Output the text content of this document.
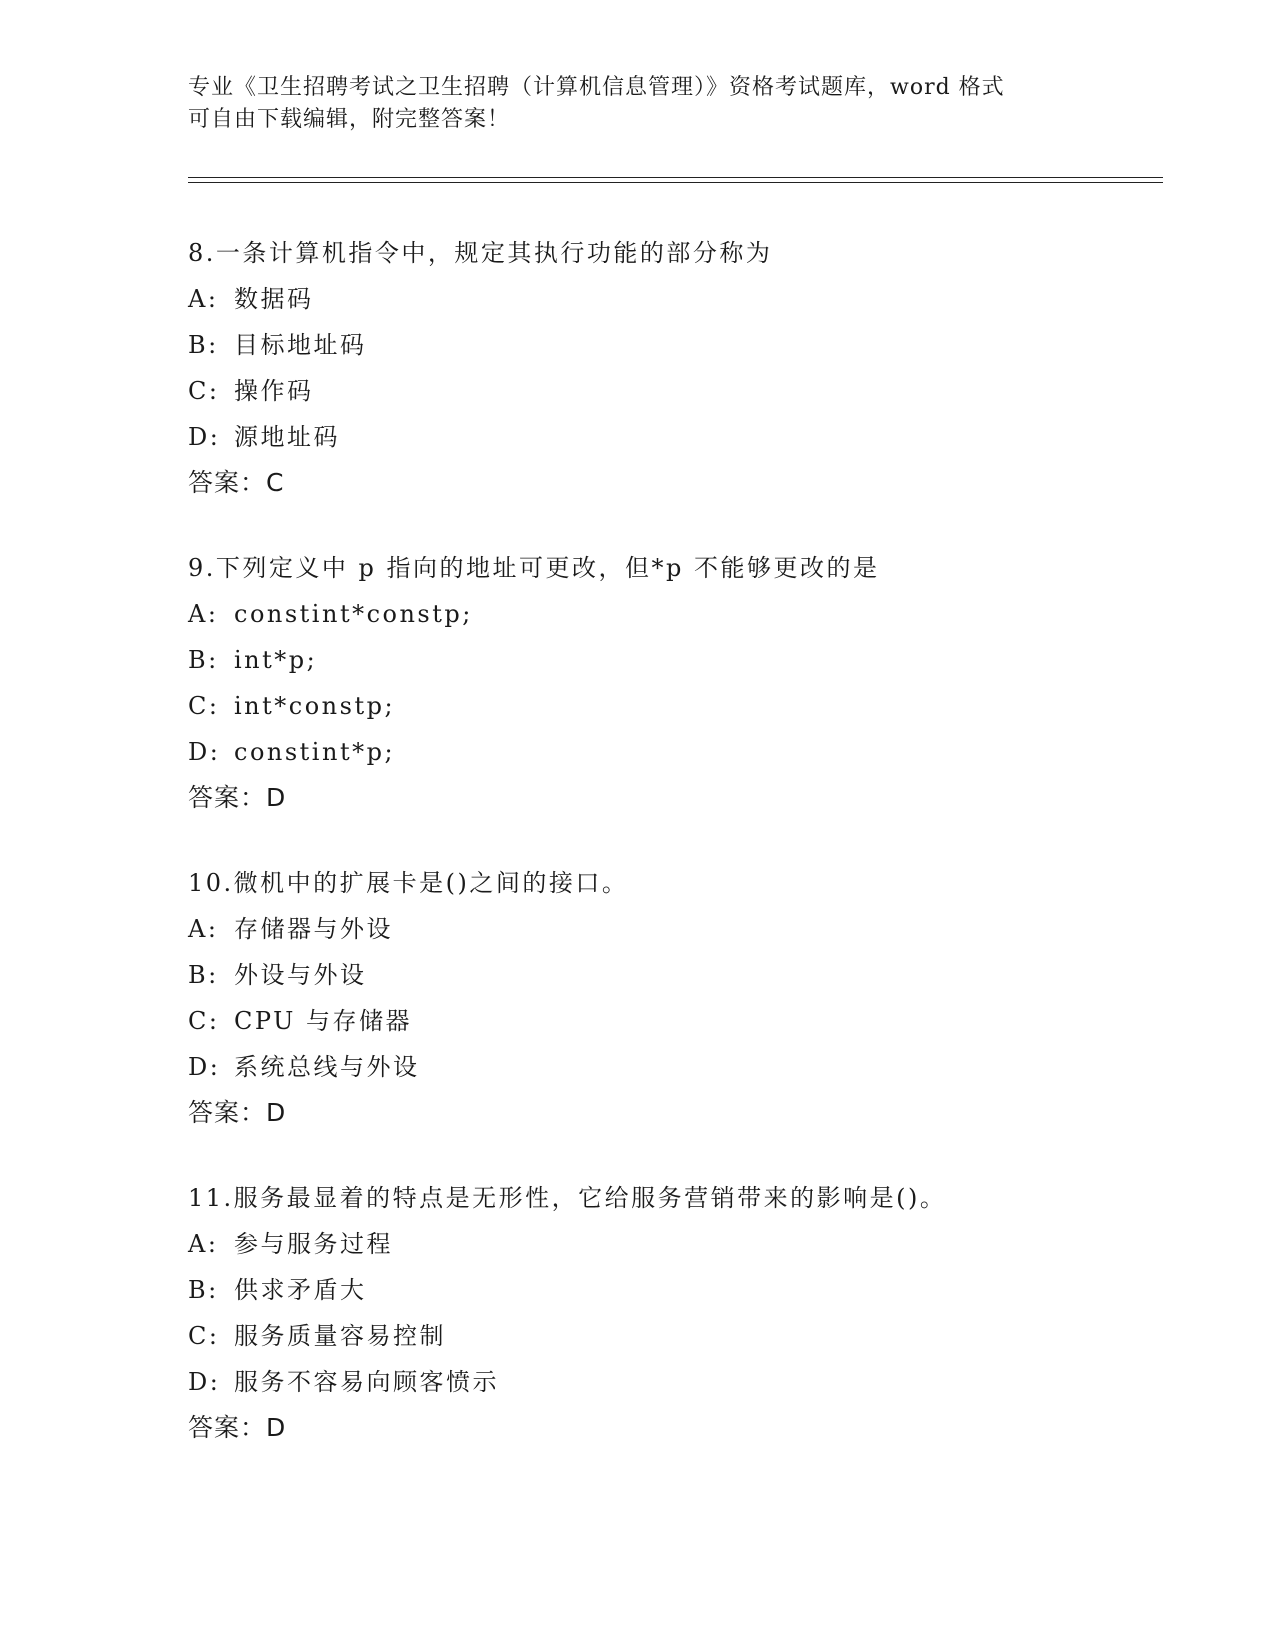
专业《卫生招聘考试之卫生招聘（计算机信息管理）》资格考试题库，word 格式
可自由下载编辑，附完整答案！
8.一条计算机指令中，规定其执行功能的部分称为
A: 数据码
B: 目标地址码
C: 操作码
D: 源地址码
答案：C
9.下列定义中 p 指向的地址可更改，但*p 不能够更改的是
A: constint*constp;
B: int*p;
C: int*constp;
D: constint*p;
答案：D
10.微机中的扩展卡是()之间的接口。
A: 存储器与外设
B: 外设与外设
C: CPU 与存储器
D: 系统总线与外设
答案：D
11.服务最显着的特点是无形性，它给服务营销带来的影响是()。
A: 参与服务过程
B: 供求矛盾大
C: 服务质量容易控制
D: 服务不容易向顾客愤示
答案：D
